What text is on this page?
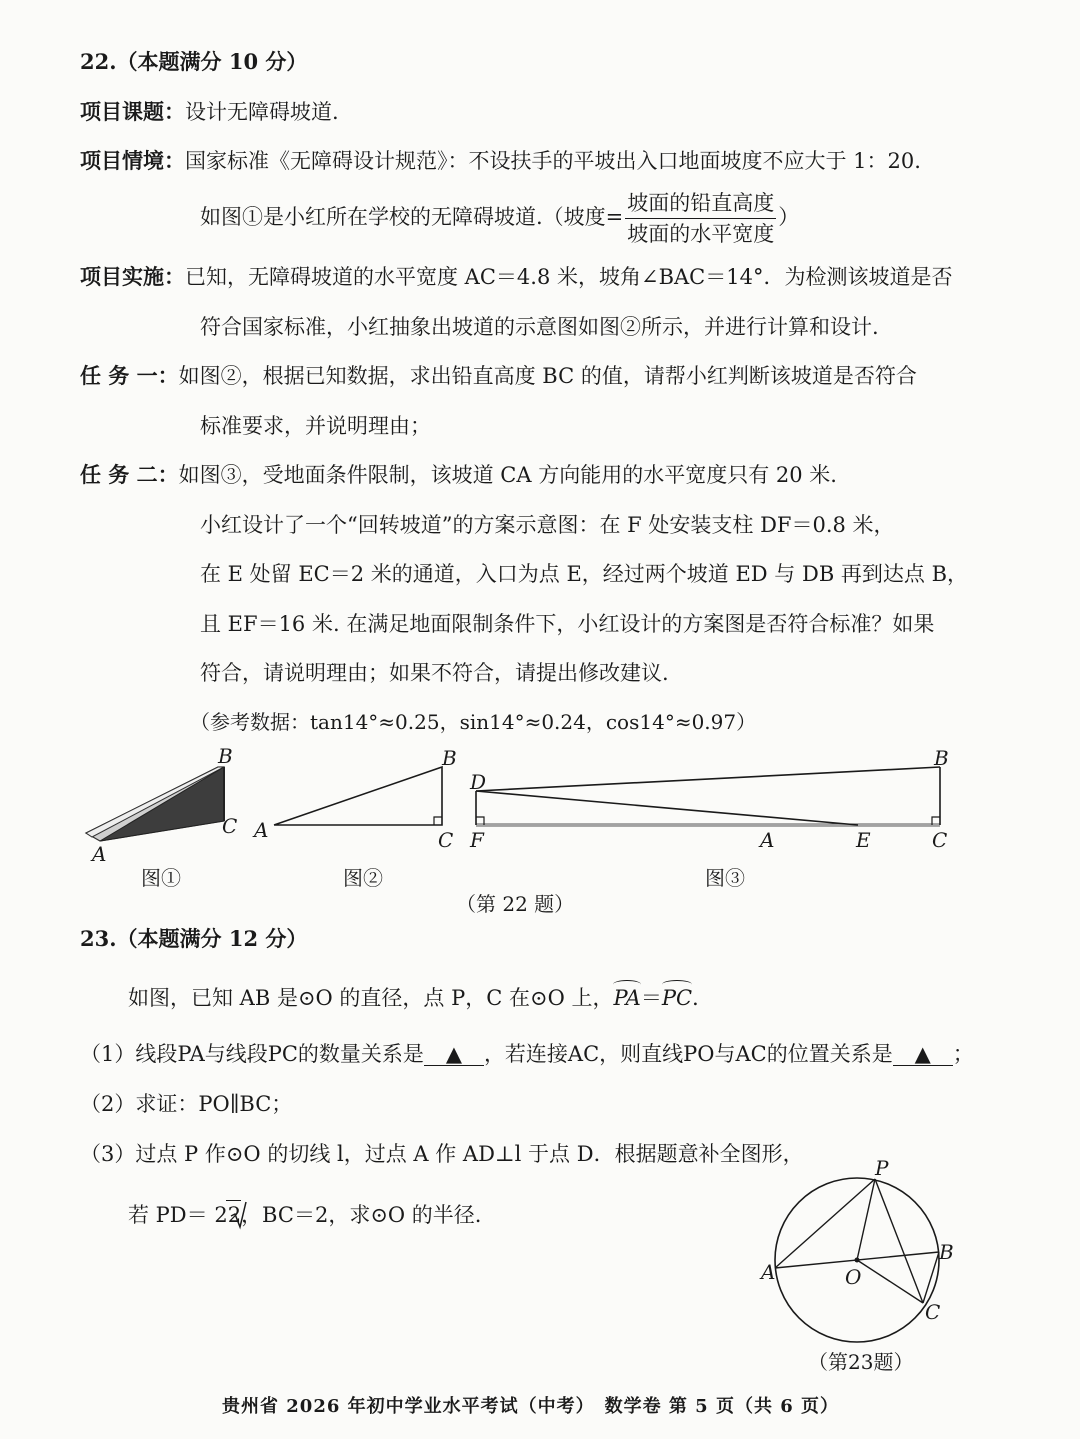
22.（本题满分 10 分）
项目课题：设计无障碍坡道.
项目情境：国家标准《无障碍设计规范》：不设扶手的平坡出入口地面坡度不应大于 1：20.
如图①是小红所在学校的无障碍坡道.（坡度= $\frac{\text{坡面的铅直高度}}{\text{坡面的水平宽度}}$ ）
项目实施：已知，无障碍坡道的水平宽度 AC＝4.8 米，坡角∠BAC＝14°．为检测该坡道是否
符合国家标准，小红抽象出坡道的示意图如图②所示，并进行计算和设计.
任 务 一：如图②，根据已知数据，求出铅直高度 BC 的值，请帮小红判断该坡道是否符合
标准要求，并说明理由；
任 务 二：如图③，受地面条件限制，该坡道 CA 方向能用的水平宽度只有 20 米.
小红设计了一个“回转坡道”的方案示意图：在 F 处安装支柱 DF＝0.8 米，
在 E 处留 EC＝2 米的通道，入口为点 E，经过两个坡道 ED 与 DB 再到达点 B，
且 EF＝16 米. 在满足地面限制条件下，小红设计的方案图是否符合标准？如果
符合，请说明理由；如果不符合，请提出修改建议.
（参考数据：tan14°≈0.25，sin14°≈0.24，cos14°≈0.97）
B
C
A
图①
B
A	C
图②
D
B
F	A	E	C
图③
（第 22 题）
23.（本题满分 12 分）
如图，已知 AB 是⊙O 的直径，点 P，C 在⊙O 上，
PA＝
PC．
（1）线段PA与线段PC的数量关系是 ▲ ，若连接AC，则直线PO与AC的位置关系是 ▲ ；
（2）求证：PO∥BC；
（3）过点 P 作⊙O 的切线 l，过点 A 作 AD⊥l 于点 D．根据题意补全图形，
若 PD＝ 22，BC＝2，求⊙O 的半径.
P
A	O
B
C
（第23题）
贵州省 2026 年初中学业水平考试（中考）　数学卷 第 5 页（共 6 页）
